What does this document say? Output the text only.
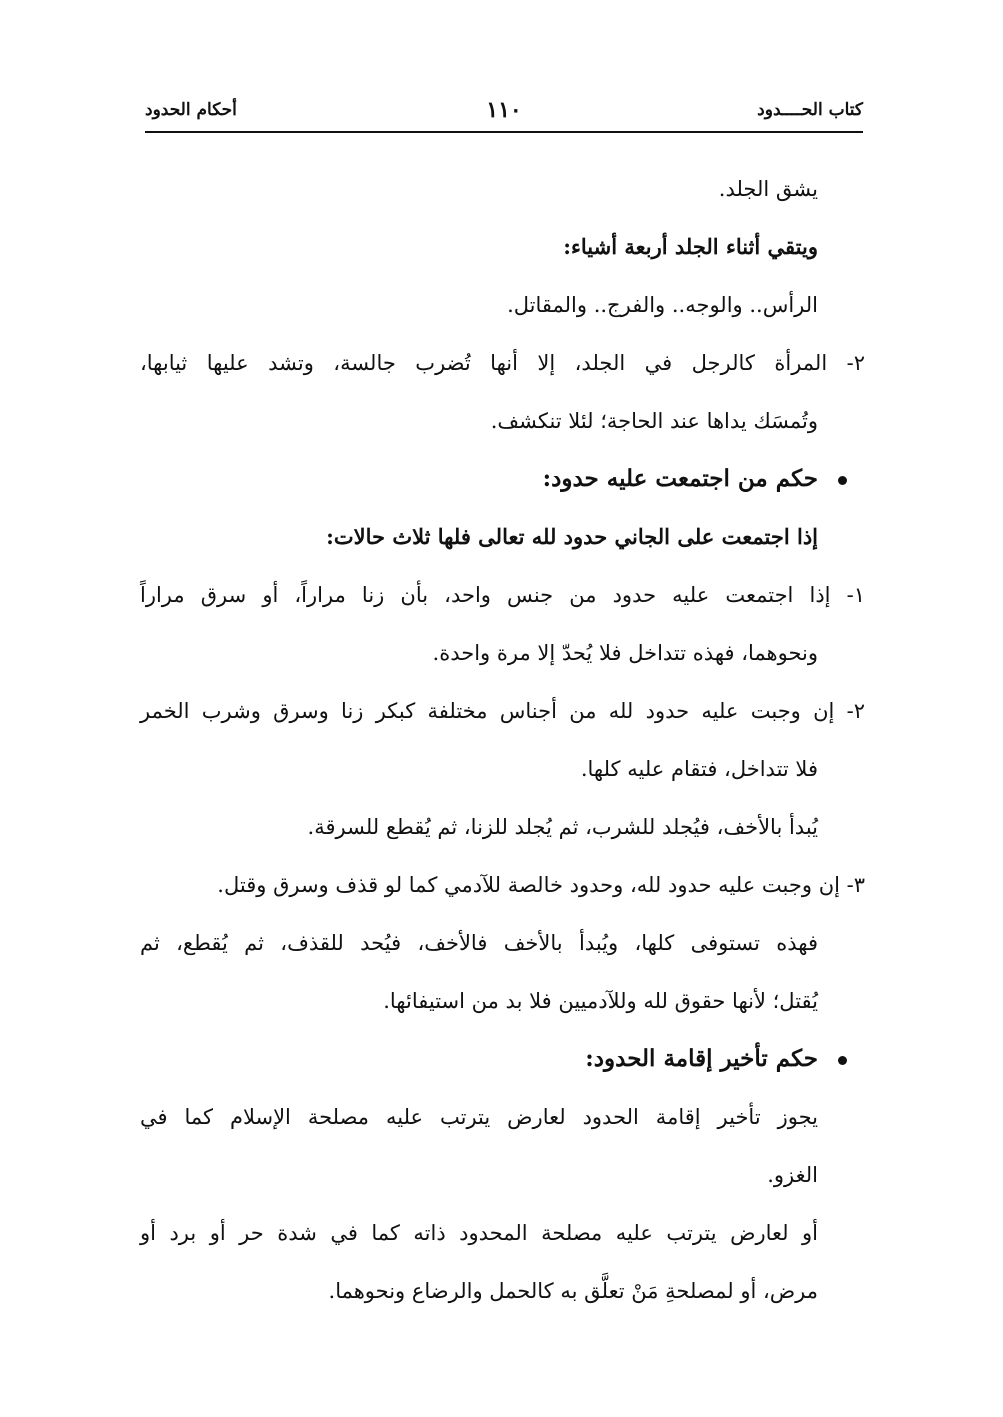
كتاب الحــــدود
١١٠
أحكام الحدود
يشق الجلد.
ويتقي أثناء الجلد أربعة أشياء:
الرأس.. والوجه.. والفرج.. والمقاتل.
٢- المرأة كالرجل في الجلد، إلا أنها تُضرب جالسة، وتشد عليها ثيابها،
وتُمسَك يداها عند الحاجة؛ لئلا تنكشف.
حكم من اجتمعت عليه حدود:
إذا اجتمعت على الجاني حدود لله تعالى فلها ثلاث حالات:
١- إذا اجتمعت عليه حدود من جنس واحد، بأن زنا مراراً، أو سرق مراراً
ونحوهما، فهذه تتداخل فلا يُحدّ إلا مرة واحدة.
٢- إن وجبت عليه حدود لله من أجناس مختلفة كبكر زنا وسرق وشرب الخمر
فلا تتداخل، فتقام عليه كلها.
يُبدأ بالأخف، فيُجلد للشرب، ثم يُجلد للزنا، ثم يُقطع للسرقة.
٣- إن وجبت عليه حدود لله، وحدود خالصة للآدمي كما لو قذف وسرق وقتل.
فهذه تستوفى كلها، ويُبدأ بالأخف فالأخف، فيُحد للقذف، ثم يُقطع، ثم
يُقتل؛ لأنها حقوق لله وللآدميين فلا بد من استيفائها.
حكم تأخير إقامة الحدود:
يجوز تأخير إقامة الحدود لعارض يترتب عليه مصلحة الإسلام كما في
الغزو.
أو لعارض يترتب عليه مصلحة المحدود ذاته كما في شدة حر أو برد أو
مرض، أو لمصلحةِ مَنْ تعلَّق به كالحمل والرضاع ونحوهما.
